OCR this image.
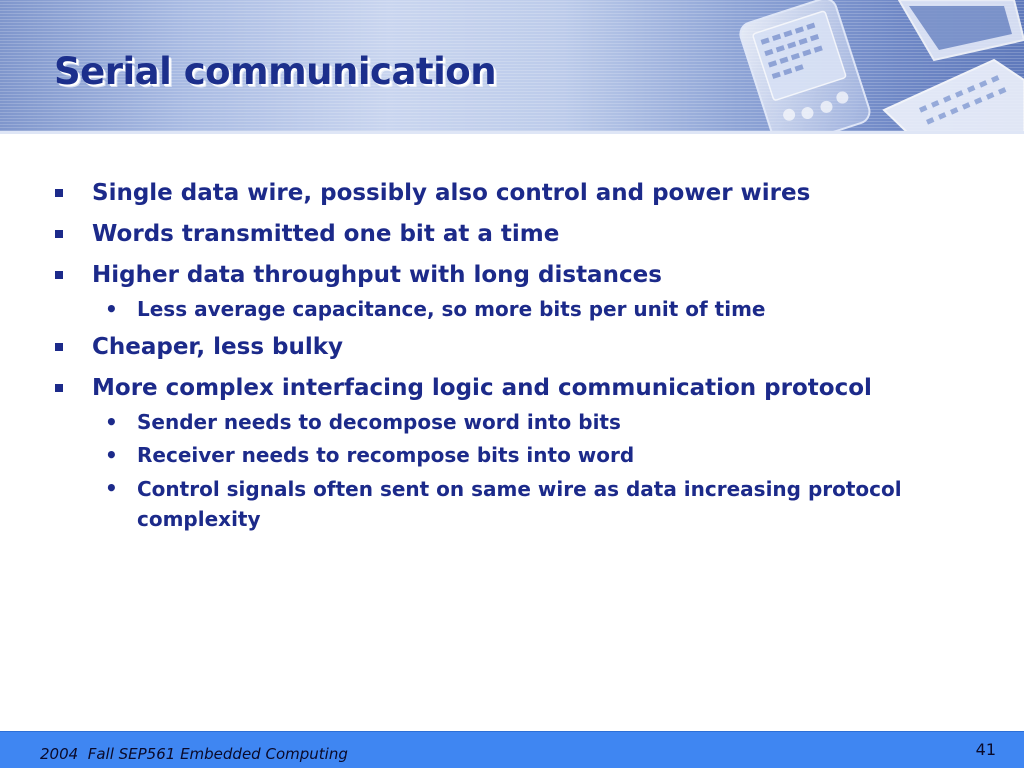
Serial communication
Single data wire, possibly also control and power wires
Words transmitted one bit at a time
Higher data throughput with long distances
• Less average capacitance, so more bits per unit of time
Cheaper, less bulky
More complex interfacing logic and communication protocol
• Sender needs to decompose word into bits
• Receiver needs to recompose bits into word
• Control signals often sent on same wire as data increasing protocol complexity
2004  Fall SEP561 Embedded Computing	41
